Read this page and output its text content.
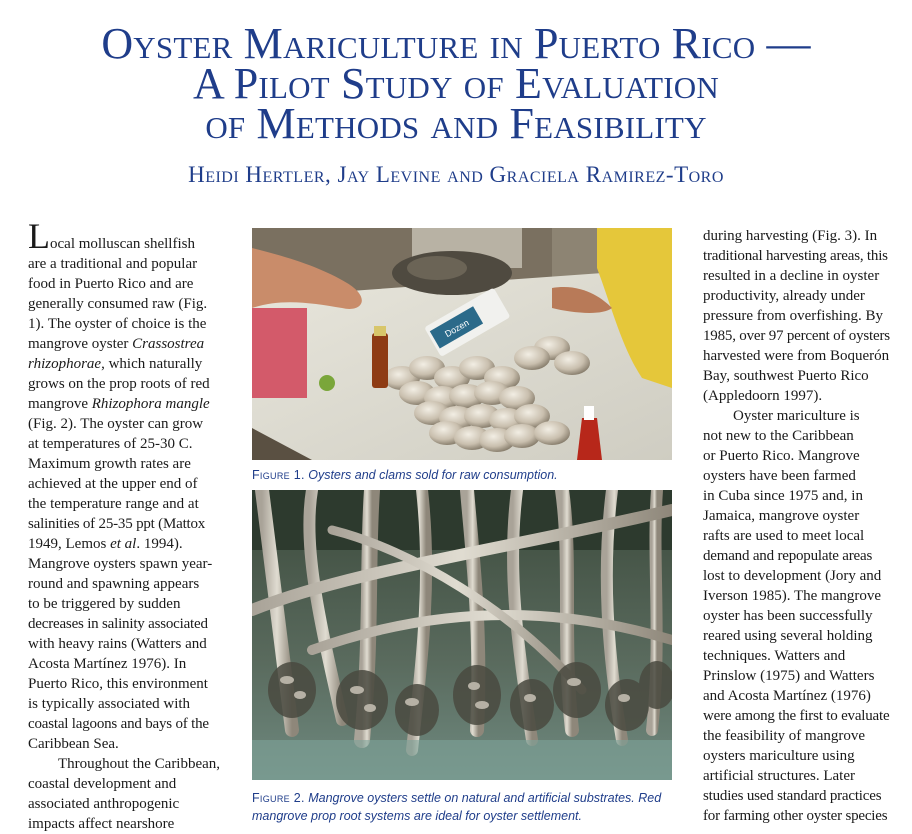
Oyster Mariculture in Puerto Rico —
A Pilot Study of Evaluation
of Methods and Feasibility
Heidi Hertler, Jay Levine and Graciela Ramirez-Toro

Local molluscan shellfish
are a traditional and popular
food in Puerto Rico and are
generally consumed raw (Fig.
1). The oyster of choice is the
mangrove oyster Crassostrea
rhizophorae, which naturally
grows on the prop roots of red
mangrove Rhizophora mangle
(Fig. 2). The oyster can grow
at temperatures of 25-30 C.
Maximum growth rates are
achieved at the upper end of
the temperature range and at
salinities of 25-35 ppt (Mattox
1949, Lemos et al. 1994).
Mangrove oysters spawn year-
round and spawning appears
to be triggered by sudden
decreases in salinity associated
with heavy rains (Watters and
Acosta Martínez 1976). In
Puerto Rico, this environment
is typically associated with
coastal lagoons and bays of the
Caribbean Sea.

Throughout the Caribbean,
coastal development and
associated anthropogenic
impacts affect nearshore

Dozen
Figure 1. Oysters and clams sold for raw consumption.
Figure 2. Mangrove oysters settle on natural and artificial substrates. Red
mangrove prop root systems are ideal for oyster settlement.

during harvesting (Fig. 3). In
traditional harvesting areas, this
resulted in a decline in oyster
productivity, already under
pressure from overfishing. By
1985, over 97 percent of oysters
harvested were from Boquerón
Bay, southwest Puerto Rico
(Appledoorn 1997).

Oyster mariculture is
not new to the Caribbean
or Puerto Rico. Mangrove
oysters have been farmed
in Cuba since 1975 and, in
Jamaica, mangrove oyster
rafts are used to meet local
demand and repopulate areas
lost to development (Jory and
Iverson 1985). The mangrove
oyster has been successfully
reared using several holding
techniques. Watters and
Prinslow (1975) and Watters
and Acosta Martínez (1976)
were among the first to evaluate
the feasibility of mangrove
oysters mariculture using
artificial structures. Later
studies used standard practices
for farming other oyster species
